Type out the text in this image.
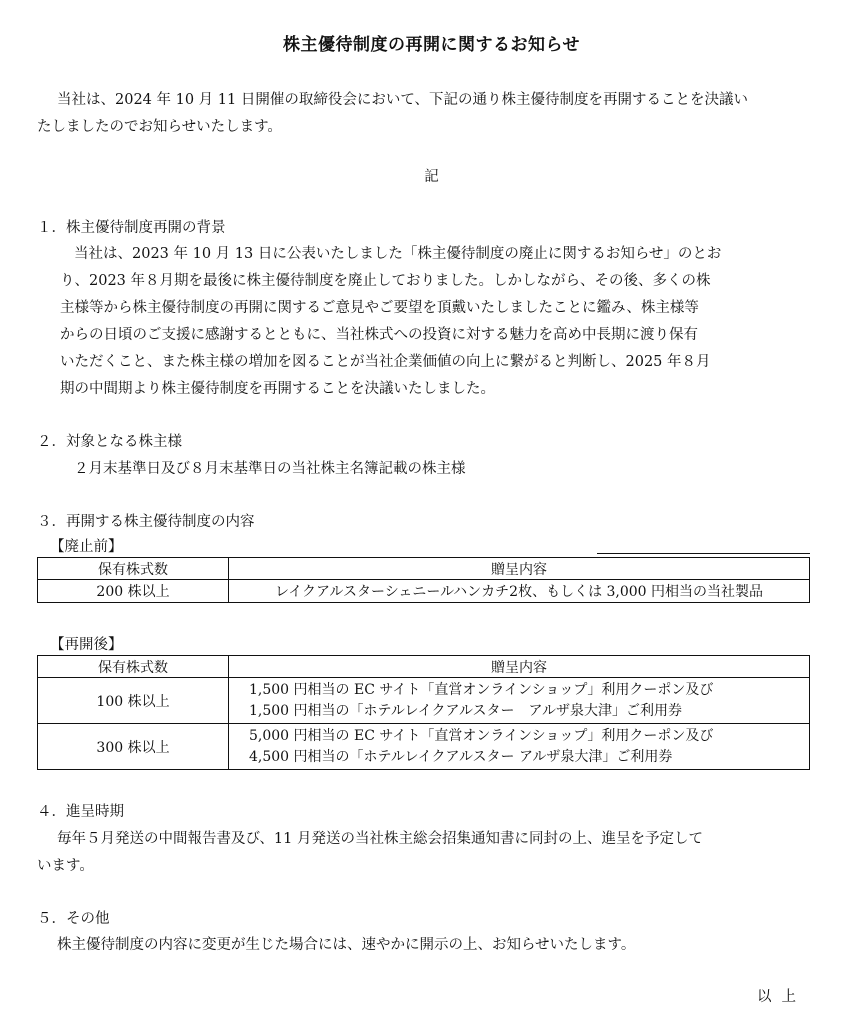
株主優待制度の再開に関するお知らせ
当社は、2024 年 10 月 11 日開催の取締役会において、下記の通り株主優待制度を再開することを決議い
たしましたのでお知らせいたします。
記
１．株主優待制度再開の背景
当社は、2023 年 10 月 13 日に公表いたしました「株主優待制度の廃止に関するお知らせ」のとお
り、2023 年８月期を最後に株主優待制度を廃止しておりました。しかしながら、その後、多くの株
主様等から株主優待制度の再開に関するご意見やご要望を頂戴いたしましたことに鑑み、株主様等
からの日頃のご支援に感謝するとともに、当社株式への投資に対する魅力を高め中長期に渡り保有
いただくこと、また株主様の増加を図ることが当社企業価値の向上に繋がると判断し、2025 年８月
期の中間期より株主優待制度を再開することを決議いたしました。
２．対象となる株主様
２月末基準日及び８月末基準日の当社株主名簿記載の株主様
３．再開する株主優待制度の内容
【廃止前】
保有株式数	贈呈内容
200 株以上	レイクアルスターシェニールハンカチ2枚、もしくは 3,000 円相当の当社製品
【再開後】
保有株式数	贈呈内容
100 株以上	1,500 円相当の EC サイト「直営オンラインショップ」利用クーポン及び
1,500 円相当の「ホテルレイクアルスター　アルザ泉大津」ご利用券

300 株以上	5,000 円相当の EC サイト「直営オンラインショップ」利用クーポン及び
4,500 円相当の「ホテルレイクアルスター アルザ泉大津」ご利用券
４．進呈時期
毎年５月発送の中間報告書及び、11 月発送の当社株主総会招集通知書に同封の上、進呈を予定して
います。
５．その他
株主優待制度の内容に変更が生じた場合には、速やかに開示の上、お知らせいたします。
以上
